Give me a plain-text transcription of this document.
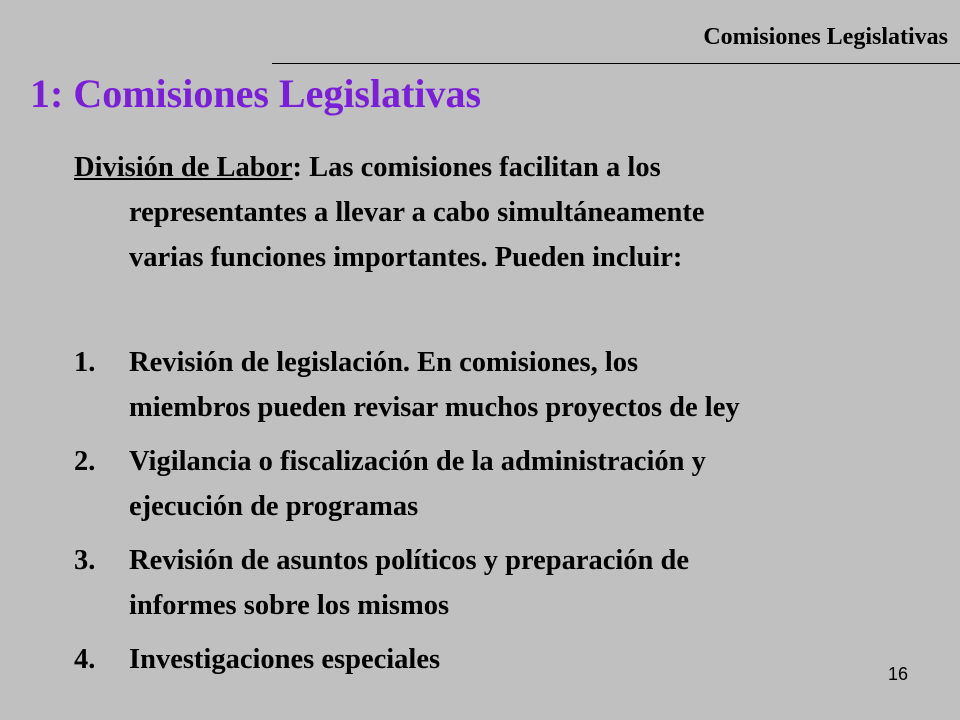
Comisiones Legislativas
1: Comisiones Legislativas
División de Labor: Las comisiones facilitan a los
representantes a llevar a cabo simultáneamente
varias funciones importantes. Pueden incluir:
1. Revisión de legislación. En comisiones, los
miembros pueden revisar muchos proyectos de ley
2. Vigilancia o fiscalización de la administración y
ejecución de programas
3. Revisión de asuntos políticos y preparación de
informes sobre los mismos
4. Investigaciones especiales	16
